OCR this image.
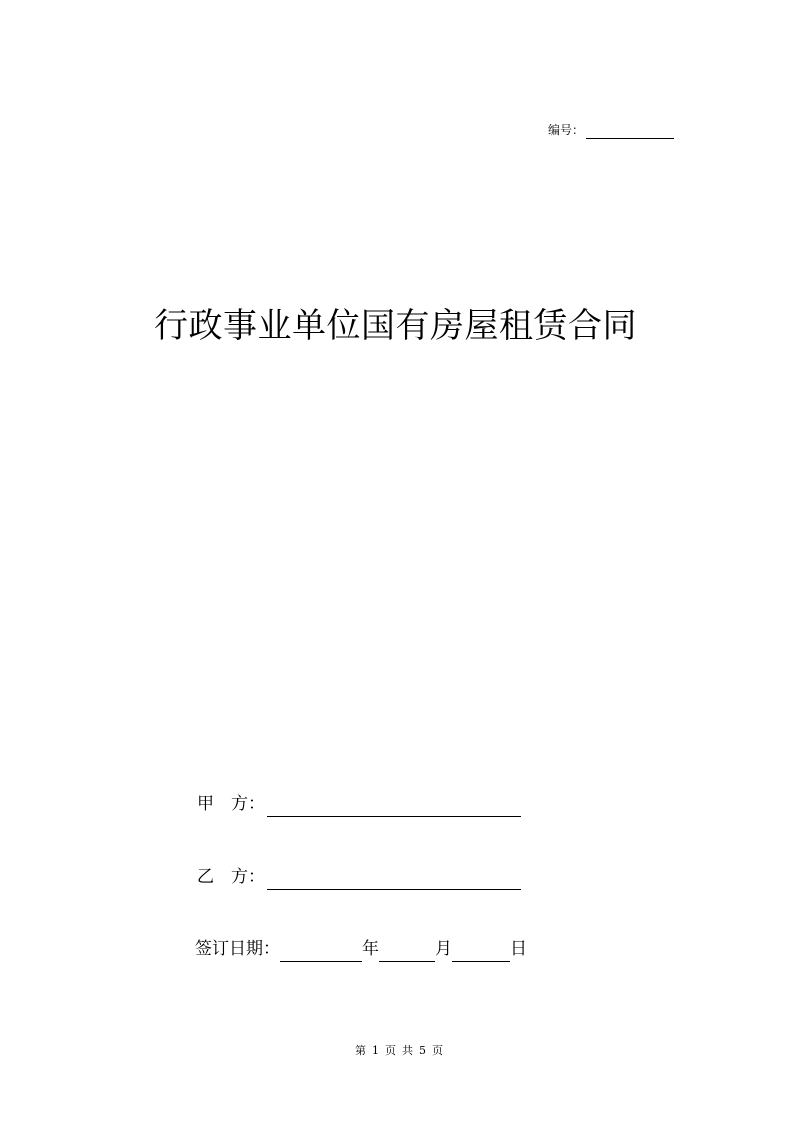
编号：
行政事业单位国有房屋租赁合同
甲 方：
乙 方：
签订日期：	年	月	日
第 1 页 共 5 页
